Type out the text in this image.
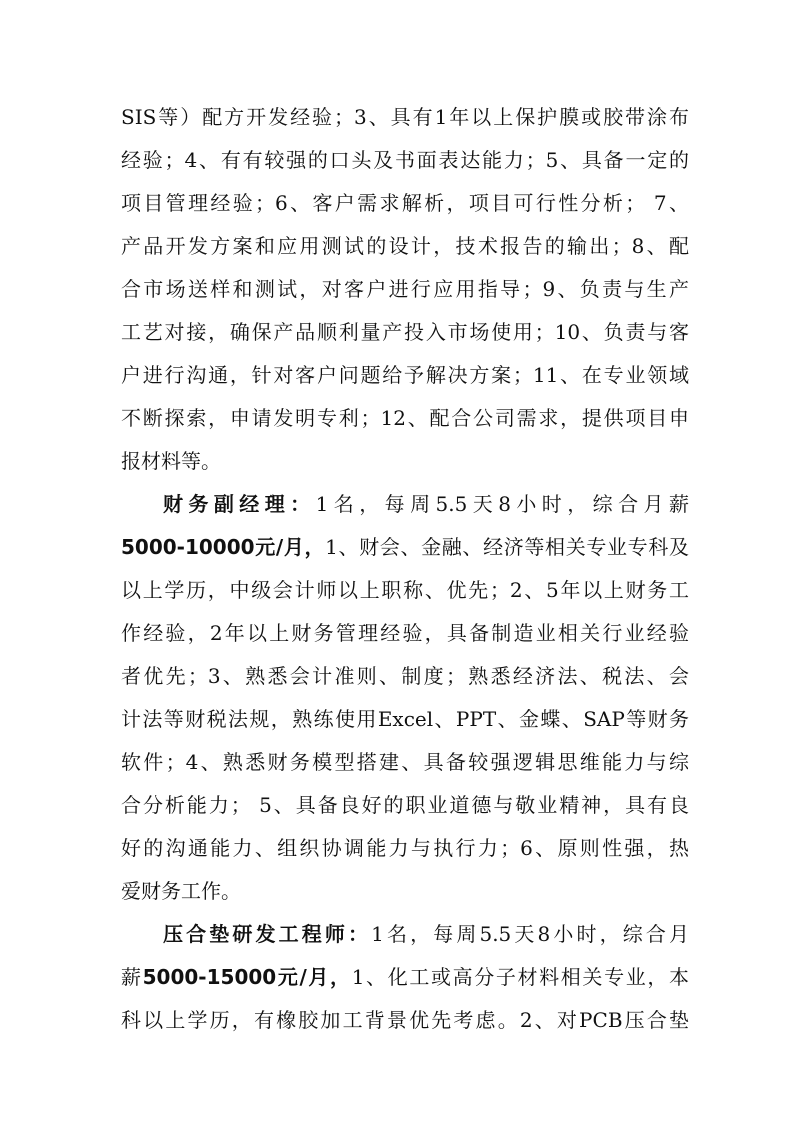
SIS等）配方开发经验；3、具有1年以上保护膜或胶带涂布
经验；4、有有较强的口头及书面表达能力；5、具备一定的
项目管理经验；6、客户需求解析，项目可行性分析； 7、
产品开发方案和应用测试的设计，技术报告的输出；8、配
合市场送样和测试，对客户进行应用指导；9、负责与生产
工艺对接，确保产品顺利量产投入市场使用；10、负责与客
户进行沟通，针对客户问题给予解决方案；11、在专业领域
不断探索，申请发明专利；12、配合公司需求，提供项目申
报材料等。
财务副经理：1名，每周5.5天8小时，综合月薪
5000-10000元/月，1、财会、金融、经济等相关专业专科及
以上学历，中级会计师以上职称、优先；2、5年以上财务工
作经验，2年以上财务管理经验，具备制造业相关行业经验
者优先；3、熟悉会计准则、制度；熟悉经济法、税法、会
计法等财税法规，熟练使用Excel、PPT、金蝶、SAP等财务
软件；4、熟悉财务模型搭建、具备较强逻辑思维能力与综
合分析能力； 5、具备良好的职业道德与敬业精神，具有良
好的沟通能力、组织协调能力与执行力；6、原则性强，热
爱财务工作。
压合垫研发工程师：1名，每周5.5天8小时，综合月
薪5000-15000元/月，1、化工或高分子材料相关专业，本
科以上学历，有橡胶加工背景优先考虑。2、对PCB压合垫
